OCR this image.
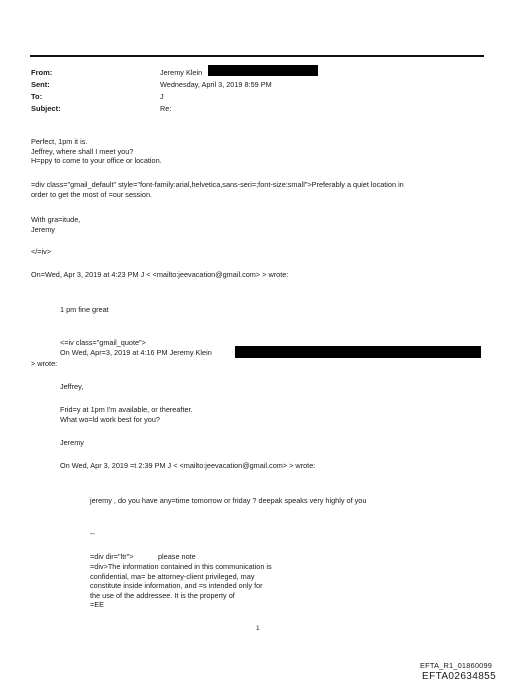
From:	Jeremy Klein
Sent:	Wednesday, April 3, 2019 8:59 PM
To:	J
Subject:	Re:
Perfect, 1pm it is.
Jeffrey, where shall I meet you?
H=ppy to come to your office or location.
=div class="gmail_default" style="font-family:arial,helvetica,sans-seri=;font-size:small">Preferably a quiet location in
order to get the most of =our session.
With gra=itude,
Jeremy
</=iv>
On=Wed, Apr 3, 2019 at 4:23 PM J < <mailto:jeevacation@gmail.com> > wrote:
1 pm fine great
<=iv class="gmail_quote">
On Wed, Apr=3, 2019 at 4:16 PM Jeremy Klein
> wrote:
Jeffrey,
Frid=y at 1pm I'm available, or thereafter.
What wo=ld work best for you?
Jeremy
On Wed, Apr 3, 2019 =t 2:39 PM J < <mailto:jeevacation@gmail.com> > wrote:
jeremy , do you have any=time tomorrow or friday ? deepak speaks very highly of you
--
=div dir="ltr">	please note
=div>The information contained in this communication is
confidential, ma= be attorney-client privileged, may
constitute inside information, and =s intended only for
the use of the addressee. It is the property of
=EE
1
EFTA_R1_01860099
EFTA02634855
